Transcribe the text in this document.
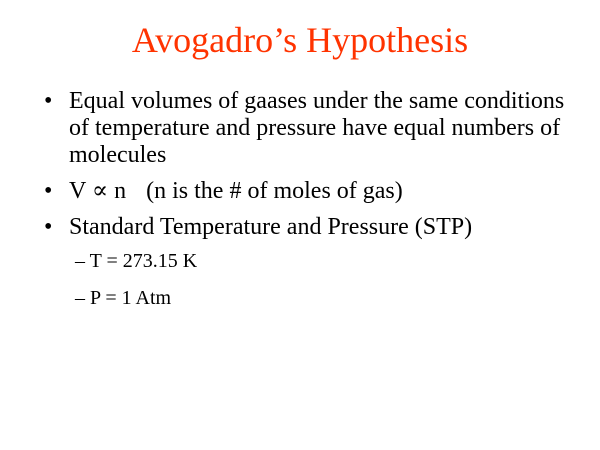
Avogadro’s Hypothesis
• Equal volumes of gaases under the same conditions of temperature and pressure have equal numbers of molecules
• V ∝ n (n is the # of moles of gas)
• Standard Temperature and Pressure (STP)
– T = 273.15 K
– P = 1 Atm
